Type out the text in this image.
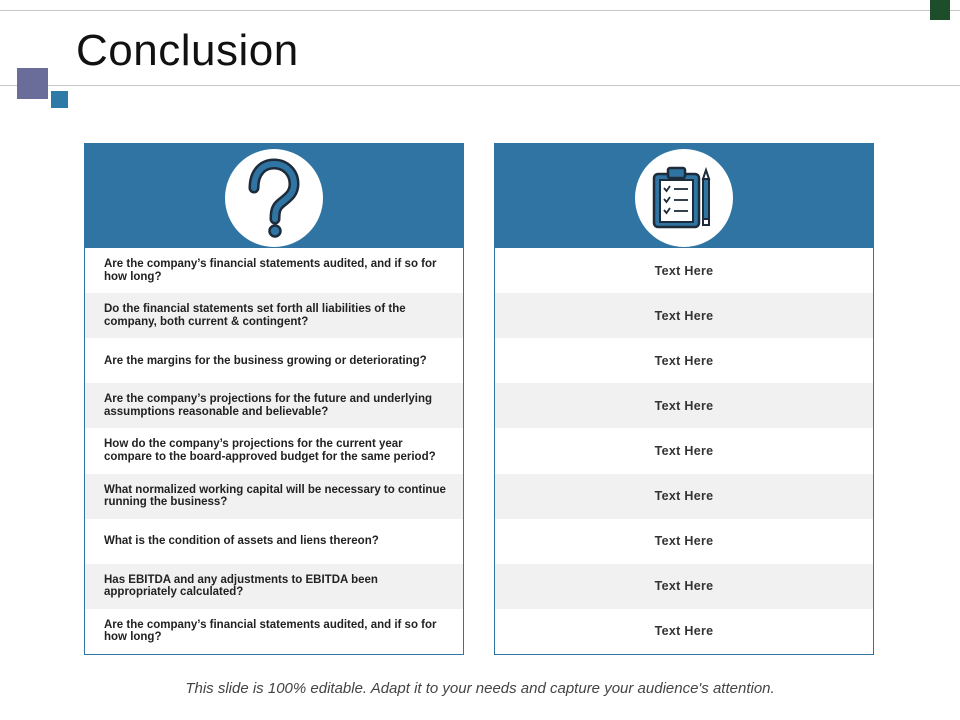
Conclusion
Are the company’s financial statements audited, and if so for how long?
Do the financial statements set forth all liabilities of the company, both current & contingent?
Are the margins for the business growing or deteriorating?
Are the company’s projections for the future and underlying assumptions reasonable and believable?
How do the company’s projections for the current year compare to the board-approved budget for the same period?
What normalized working capital will be necessary to continue running the business?
What is the condition of assets and liens thereon?
Has EBITDA and any adjustments to EBITDA been appropriately calculated?
Are the company’s financial statements audited, and if so for how long?
Text Here
Text Here
Text Here
Text Here
Text Here
Text Here
Text Here
Text Here
Text Here
This slide is 100% editable. Adapt it to your needs and capture your audience's attention.
